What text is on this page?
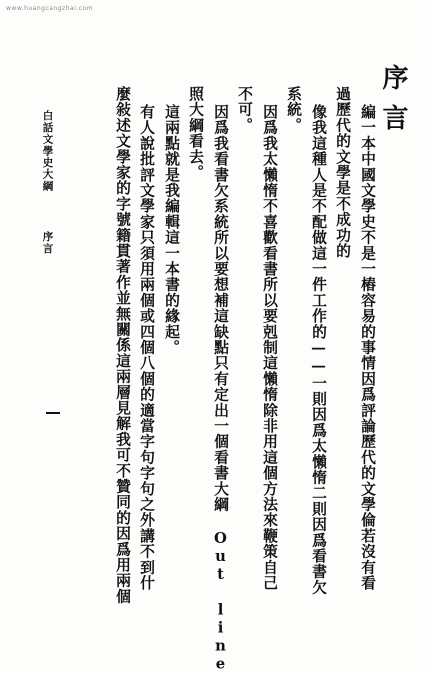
www.huangcangzhai.com
序言
編一本中國文學史不是一樁容易的事情因爲評論歷代的文學倫若沒有看
過歷代的文學是不成功的
像我這種人是不配做這一件工作的——一則因爲太懶惰二則因爲看書欠
系統。
因爲我太懶惰不喜歡看書所以要剋制這懶惰除非用這個方法來鞭策自己
不可。
因爲我看書欠系統所以要想補這缺點只有定出一個看書大綱 Out line
照大綱看去。
這兩點就是我編輯這一本書的緣起。
有人說批評文學家只須用兩個或四個八個的適當字句字句之外講不到什
麼敍述文學家的字號籍貫著作並無關係這兩層見解我可不贊同的因爲用兩個
白話文學史大綱 序言
